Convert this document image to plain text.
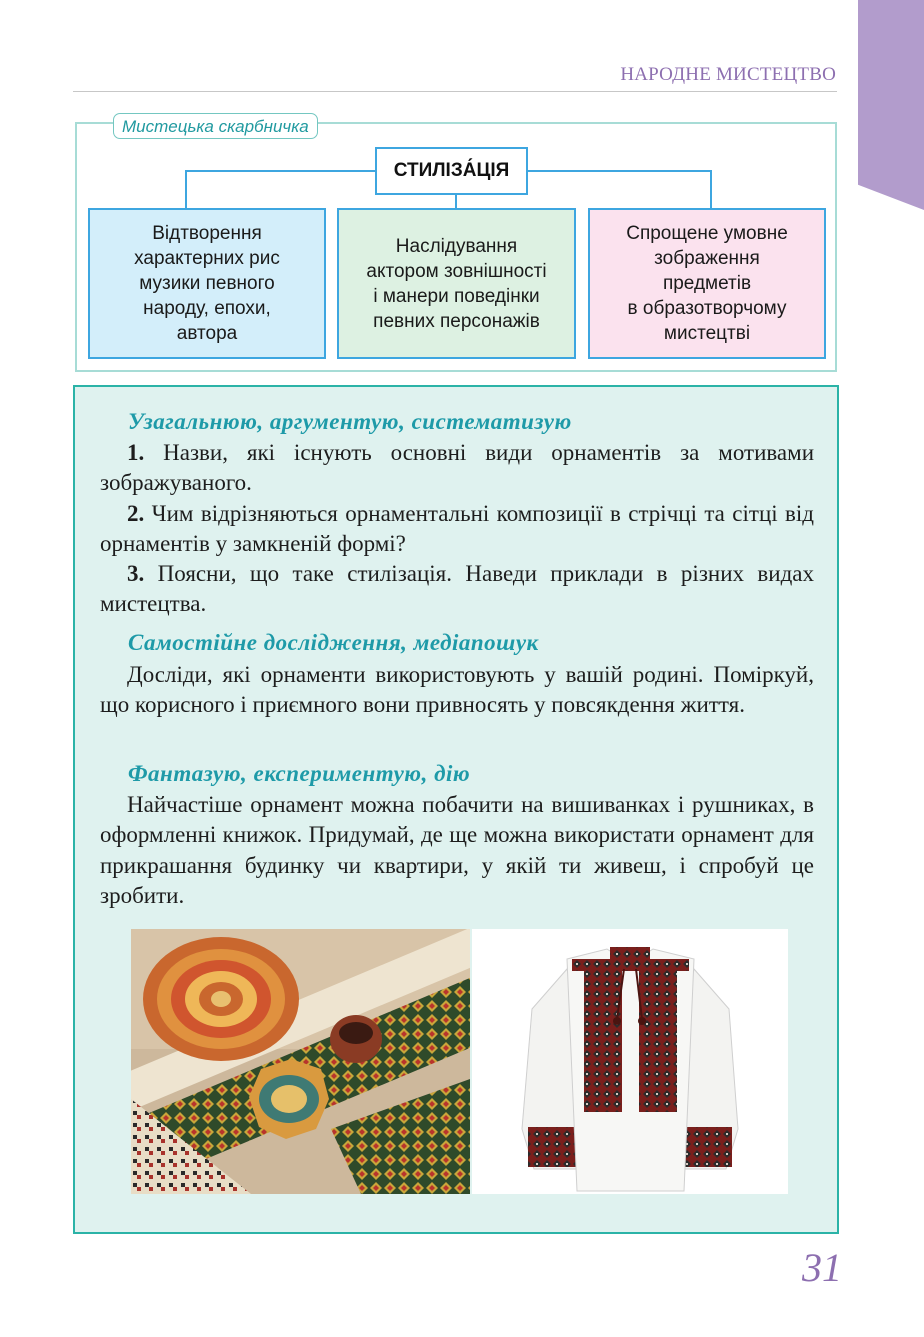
НАРОДНЕ МИСТЕЦТВО
Мистецька скарбничка
СТИЛІЗА́ЦІЯ
Відтворення
характерних рис
музики певного
народу, епохи,
автора
Наслідування
актором зовнішності
і манери поведінки
певних персонажів
Спрощене умовне
зображення
предметів
в образотворчому
мистецтві
Узагальнюю, аргументую, систематизую
1. Назви, які існують основні види орнаментів за мотивами зображуваного.
2. Чим відрізняються орнаментальні композиції в стрічці та сітці від орнаментів у замкненій формі?
3. Поясни, що таке стилізація. Наведи приклади в різних видах мистецтва.
Самостійне дослідження, медіапошук
Досліди, які орнаменти використовують у вашій родині. Поміркуй, що корисного і приємного вони привносять у повсякдення життя.
Фантазую, експериментую, дію
Найчастіше орнамент можна побачити на вишиванках і рушниках, в оформленні книжок. Придумай, де ще можна використати орнамент для прикрашання будинку чи квартири, у якій ти живеш, і спробуй це зробити.
31
